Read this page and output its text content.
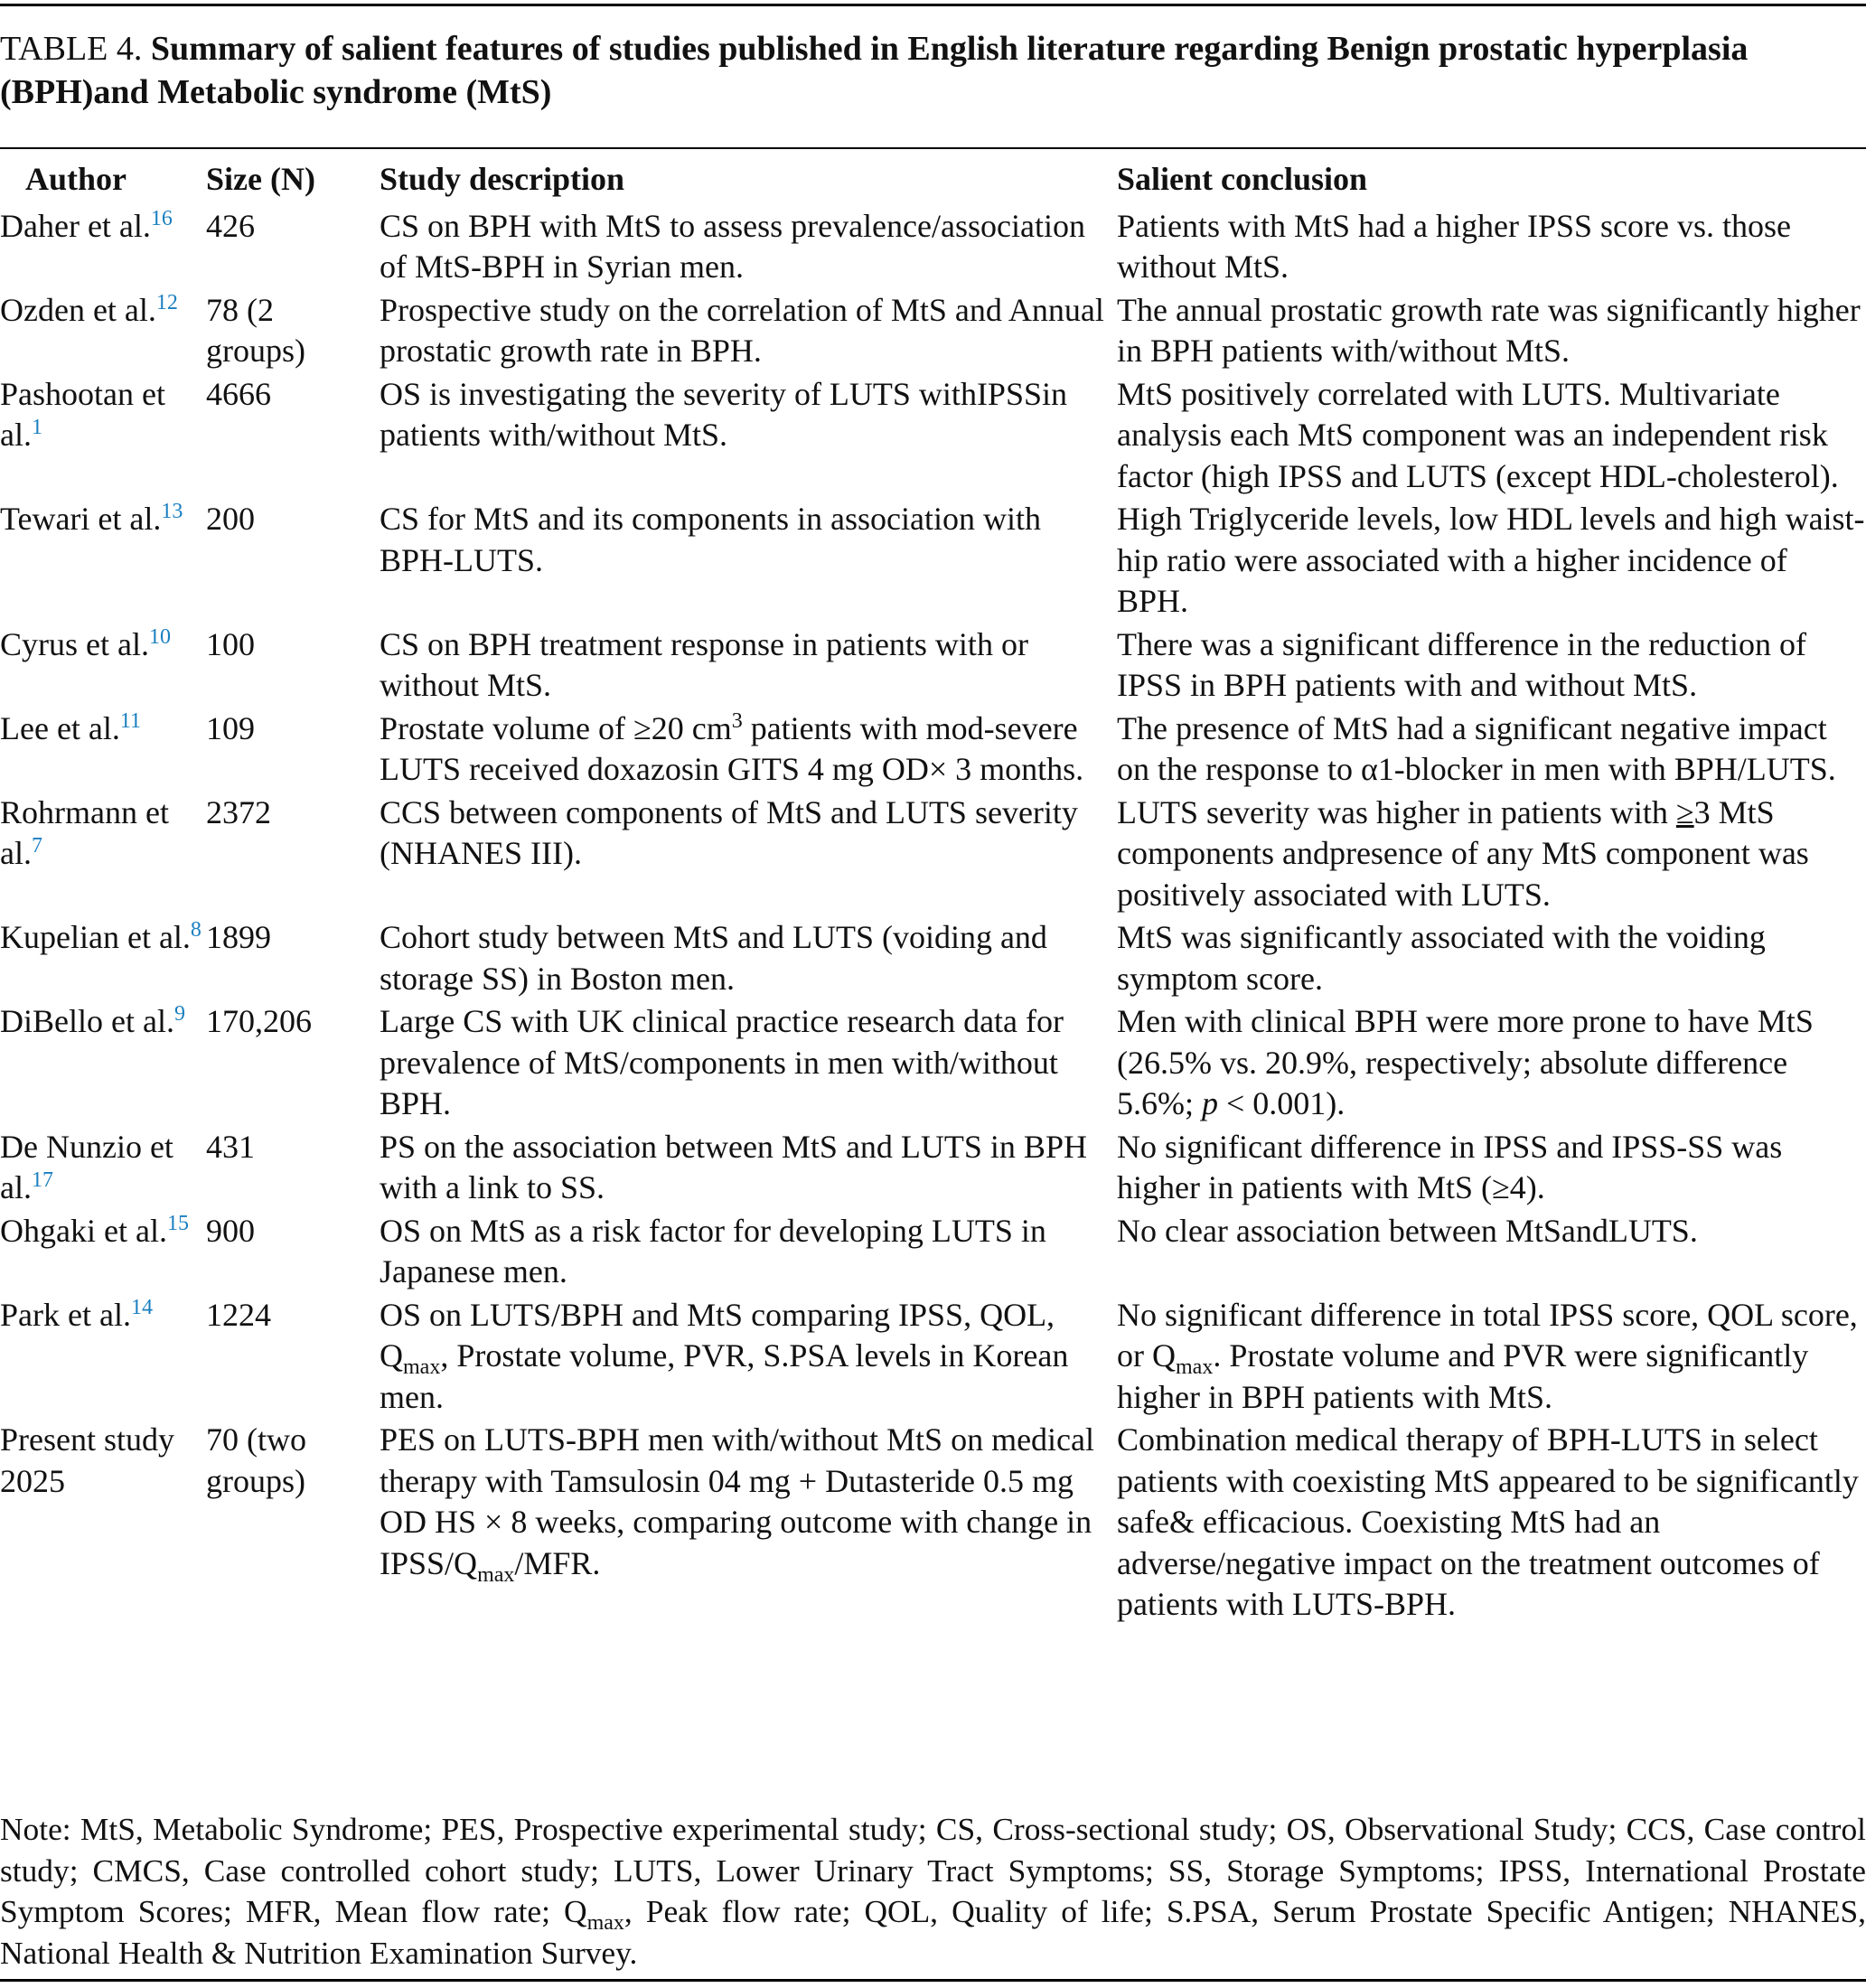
TABLE 4. Summary of salient features of studies published in English literature regarding Benign prostatic hyperplasia (BPH)and Metabolic syndrome (MtS)
Author	Size (N)	Study description	Salient conclusion
Daher et al.$^{16}$	426	CS on BPH with MtS to assess prevalence/association of MtS-BPH in Syrian men.	Patients with MtS had a higher IPSS score vs. those without MtS.
Ozden et al.$^{12}$	78 (2 groups)	Prospective study on the correlation of MtS and Annual prostatic growth rate in BPH.	The annual prostatic growth rate was significantly higher in BPH patients with/without MtS.
Pashootan et al.$^1$	4666	OS is investigating the severity of LUTS withIPSSin patients with/without MtS.	MtS positively correlated with LUTS. Multivariate analysis each MtS component was an independent risk factor (high IPSS and LUTS (except HDL-cholesterol).
Tewari et al.$^{13}$	200	CS for MtS and its components in association with BPH-LUTS.	High Triglyceride levels, low HDL levels and high waist-hip ratio were associated with a higher incidence of BPH.
Cyrus et al.$^{10}$	100	CS on BPH treatment response in patients with or without MtS.	There was a significant difference in the reduction of IPSS in BPH patients with and without MtS.
Lee et al.$^{11}$	109	Prostate volume of ≥20 $cm^3$ patients with mod-severe LUTS received doxazosin GITS 4 mg OD× 3 months.	The presence of MtS had a significant negative impact on the response to α1-blocker in men with BPH/LUTS.
Rohrmann et al.$^7$	2372	CCS between components of MtS and LUTS severity (NHANES III).	LUTS severity was higher in patients with ≥3 MtS components andpresence of any MtS component was positively associated with LUTS.
Kupelian et al.$^8$	1899	Cohort study between MtS and LUTS (voiding and storage SS) in Boston men.	MtS was significantly associated with the voiding symptom score.
DiBello et al.$^9$	170,206	Large CS with UK clinical practice research data for prevalence of MtS/components in men with/without BPH.	Men with clinical BPH were more prone to have MtS (26.5% vs. 20.9%, respectively; absolute difference 5.6%; p < 0.001).
De Nunzio et al.$^{17}$	431	PS on the association between MtS and LUTS in BPH with a link to SS.	No significant difference in IPSS and IPSS-SS was higher in patients with MtS (≥4).
Ohgaki et al.$^{15}$	900	OS on MtS as a risk factor for developing LUTS in Japanese men.	No clear association between MtSandLUTS.
Park et al.$^{14}$	1224	OS on LUTS/BPH and MtS comparing IPSS, QOL, $Q_{max}$, Prostate volume, PVR, S.PSA levels in Korean men.	No significant difference in total IPSS score, QOL score, or $Q_{max}$. Prostate volume and PVR were significantly higher in BPH patients with MtS.
Present study 2025	70 (two groups)	PES on LUTS-BPH men with/without MtS on medical therapy with Tamsulosin 04 mg + Dutasteride 0.5 mg OD HS × 8 weeks, comparing outcome with change in IPSS/$Q_{max}$/MFR.	Combination medical therapy of BPH-LUTS in select patients with coexisting MtS appeared to be significantly safe& efficacious. Coexisting MtS had an adverse/negative impact on the treatment outcomes of patients with LUTS-BPH.
Note: MtS, Metabolic Syndrome; PES, Prospective experimental study; CS, Cross-sectional study; OS, Observational Study; CCS, Case control study; CMCS, Case controlled cohort study; LUTS, Lower Urinary Tract Symptoms; SS, Storage Symptoms; IPSS, International Prostate Symptom Scores; MFR, Mean flow rate; $Q_{max}$, Peak flow rate; QOL, Quality of life; S.PSA, Serum Prostate Specific Antigen; NHANES, National Health & Nutrition Examination Survey.
